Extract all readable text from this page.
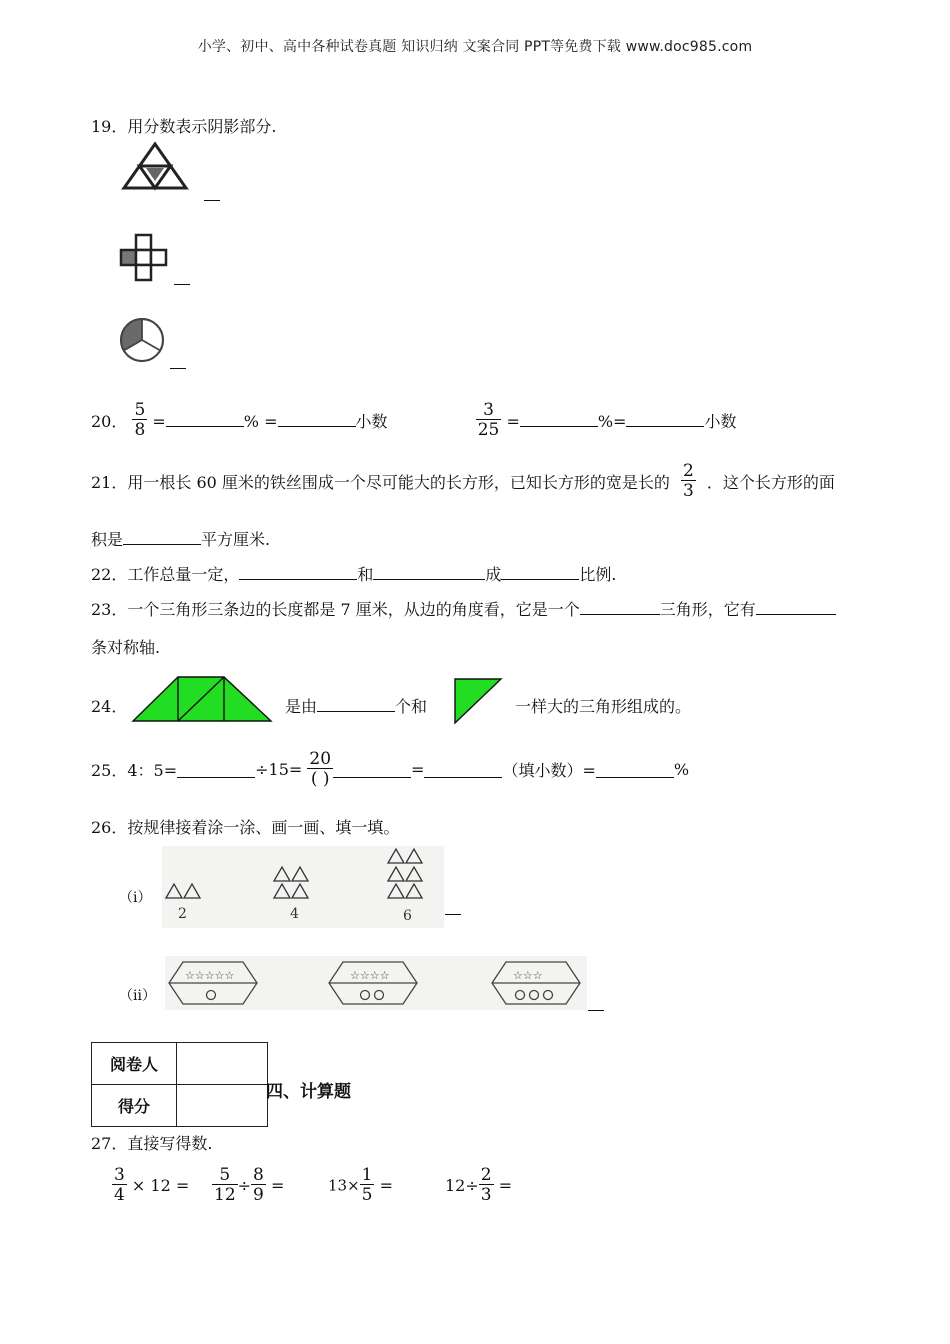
小学、初中、高中各种试卷真题 知识归纳 文案合同 PPT等免费下载 www.doc985.com
19．用分数表示阴影部分.
20． $\frac{5}{8}$ =	% =	小数	$\frac{3}{25}$ =	%=	小数
21．用一根长 60 厘米的铁丝围成一个尽可能大的长方形，已知长方形的宽是长的 $\frac{2}{3}$ ．这个长方形的面
积是	平方厘米.
22．工作总量一定，	和	成	比例.
23．一个三角形三条边的长度都是 7 厘米，从边的角度看，它是一个	三角形，它有
条对称轴.
24．	是由	个和	一样大的三角形组成的。
25．4：5=	$\div 15= \frac{20}{( )}$	=	（填小数）=	%
26．按规律接着涂一涂、画一画、填一填。
（i）
2	4	6
（ii）
☆☆☆☆☆	☆☆☆☆	☆☆☆
阅卷人	
得分	
四、计算题
27．直接写得数.
$\frac{3}{4} \times 12 = \frac{5}{12} \div \frac{8}{9}$ =	$13\times \frac{1}{5}$ =	$12\div \frac{2}{3}$ =
